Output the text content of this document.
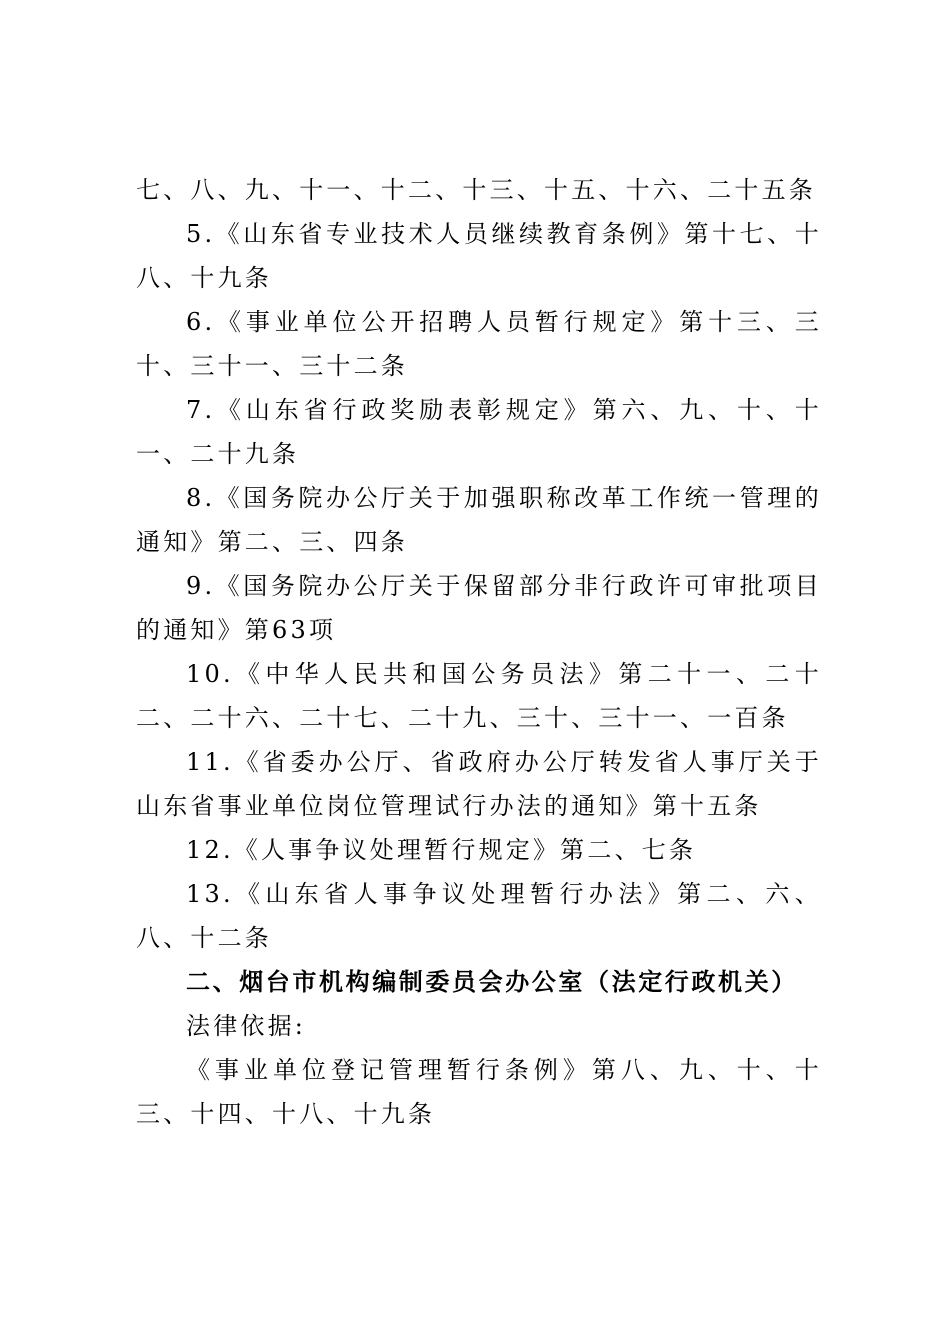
七、八、九、十一、十二、十三、十五、十六、二十五条

5.《山东省专业技术人员继续教育条例》第十七、十八、十九条

6.《事业单位公开招聘人员暂行规定》第十三、三十、三十一、三十二条

7.《山东省行政奖励表彰规定》第六、九、十、十一、二十九条

8.《国务院办公厅关于加强职称改革工作统一管理的通知》第二、三、四条

9.《国务院办公厅关于保留部分非行政许可审批项目的通知》第63项

10.《中华人民共和国公务员法》第二十一、二十二、二十六、二十七、二十九、三十、三十一、一百条

11.《省委办公厅、省政府办公厅转发省人事厅关于山东省事业单位岗位管理试行办法的通知》第十五条

12.《人事争议处理暂行规定》第二、七条

13.《山东省人事争议处理暂行办法》第二、六、八、十二条

二、烟台市机构编制委员会办公室（法定行政机关）

法律依据:

《事业单位登记管理暂行条例》第八、九、十、十三、十四、十八、十九条
